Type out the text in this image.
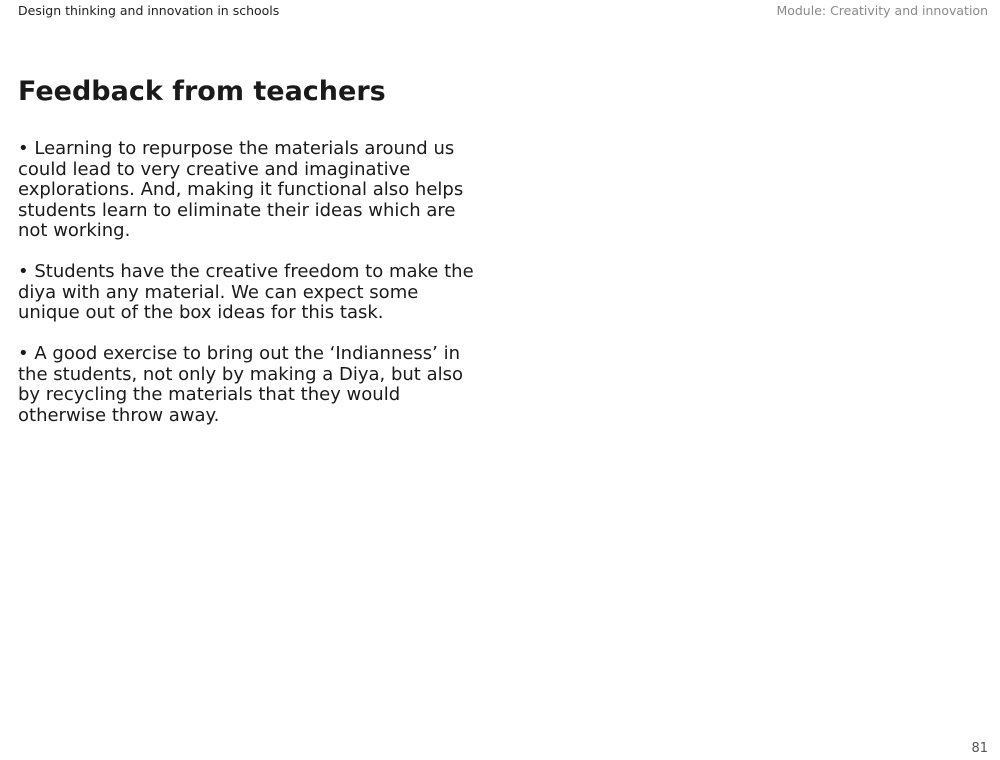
Design thinking and innovation in schools	Module: Creativity and innovation
Feedback from teachers
• Learning to repurpose the materials around us could lead to very creative and imaginative explorations. And, making it functional also helps students learn to eliminate their ideas which are not working.
• Students have the creative freedom to make the diya with any material. We can expect some unique out of the box ideas for this task.
• A good exercise to bring out the ‘Indianness’ in the students, not only by making a Diya, but also by recycling the materials that they would otherwise throw away.
81
